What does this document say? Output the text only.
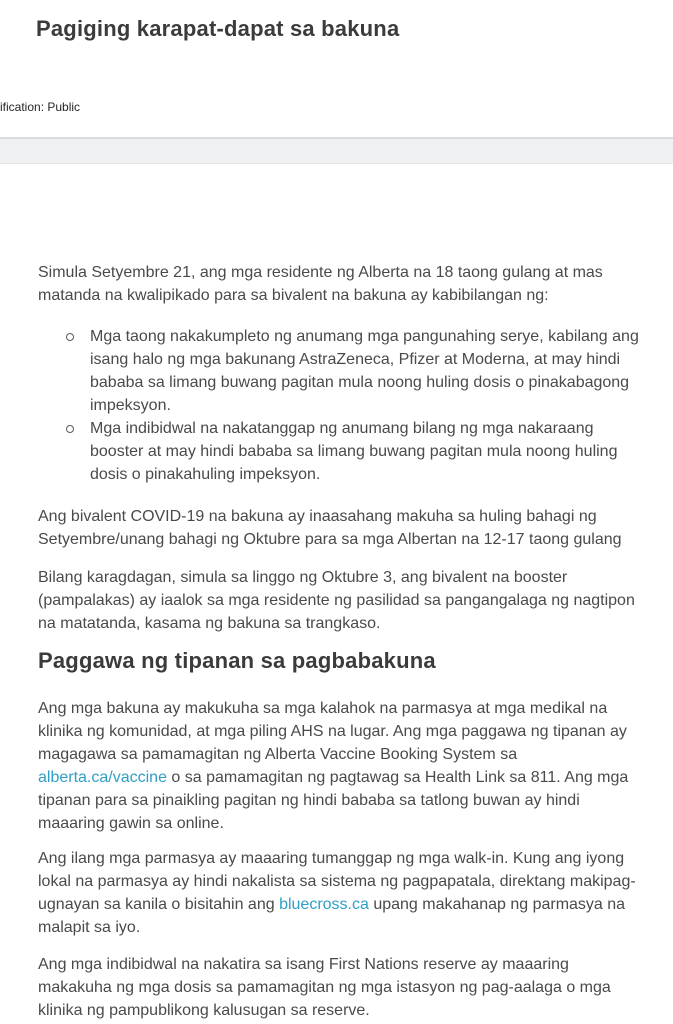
Pagiging karapat-dapat sa bakuna
ification: Public
Simula Setyembre 21, ang mga residente ng Alberta na 18 taong gulang at mas
matanda na kwalipikado para sa bivalent na bakuna ay kabibilangan ng:
Mga taong nakakumpleto ng anumang mga pangunahing serye, kabilang ang
isang halo ng mga bakunang AstraZeneca, Pfizer at Moderna, at may hindi
bababa sa limang buwang pagitan mula noong huling dosis o pinakabagong
impeksyon.
Mga indibidwal na nakatanggap ng anumang bilang ng mga nakaraang
booster at may hindi bababa sa limang buwang pagitan mula noong huling
dosis o pinakahuling impeksyon.
Ang bivalent COVID-19 na bakuna ay inaasahang makuha sa huling bahagi ng
Setyembre/unang bahagi ng Oktubre para sa mga Albertan na 12-17 taong gulang
Bilang karagdagan, simula sa linggo ng Oktubre 3, ang bivalent na booster
(pampalakas) ay iaalok sa mga residente ng pasilidad sa pangangalaga ng nagtipon
na matatanda, kasama ng bakuna sa trangkaso.
Paggawa ng tipanan sa pagbabakuna
Ang mga bakuna ay makukuha sa mga kalahok na parmasya at mga medikal na
klinika ng komunidad, at mga piling AHS na lugar. Ang mga paggawa ng tipanan ay
magagawa sa pamamagitan ng Alberta Vaccine Booking System sa
alberta.ca/vaccine o sa pamamagitan ng pagtawag sa Health Link sa 811. Ang mga
tipanan para sa pinaikling pagitan ng hindi bababa sa tatlong buwan ay hindi
maaaring gawin sa online.
Ang ilang mga parmasya ay maaaring tumanggap ng mga walk-in. Kung ang iyong
lokal na parmasya ay hindi nakalista sa sistema ng pagpapatala, direktang makipag-
ugnayan sa kanila o bisitahin ang bluecross.ca upang makahanap ng parmasya na
malapit sa iyo.
Ang mga indibidwal na nakatira sa isang First Nations reserve ay maaaring
makakuha ng mga dosis sa pamamagitan ng mga istasyon ng pag-aalaga o mga
klinika ng pampublikong kalusugan sa reserve.
